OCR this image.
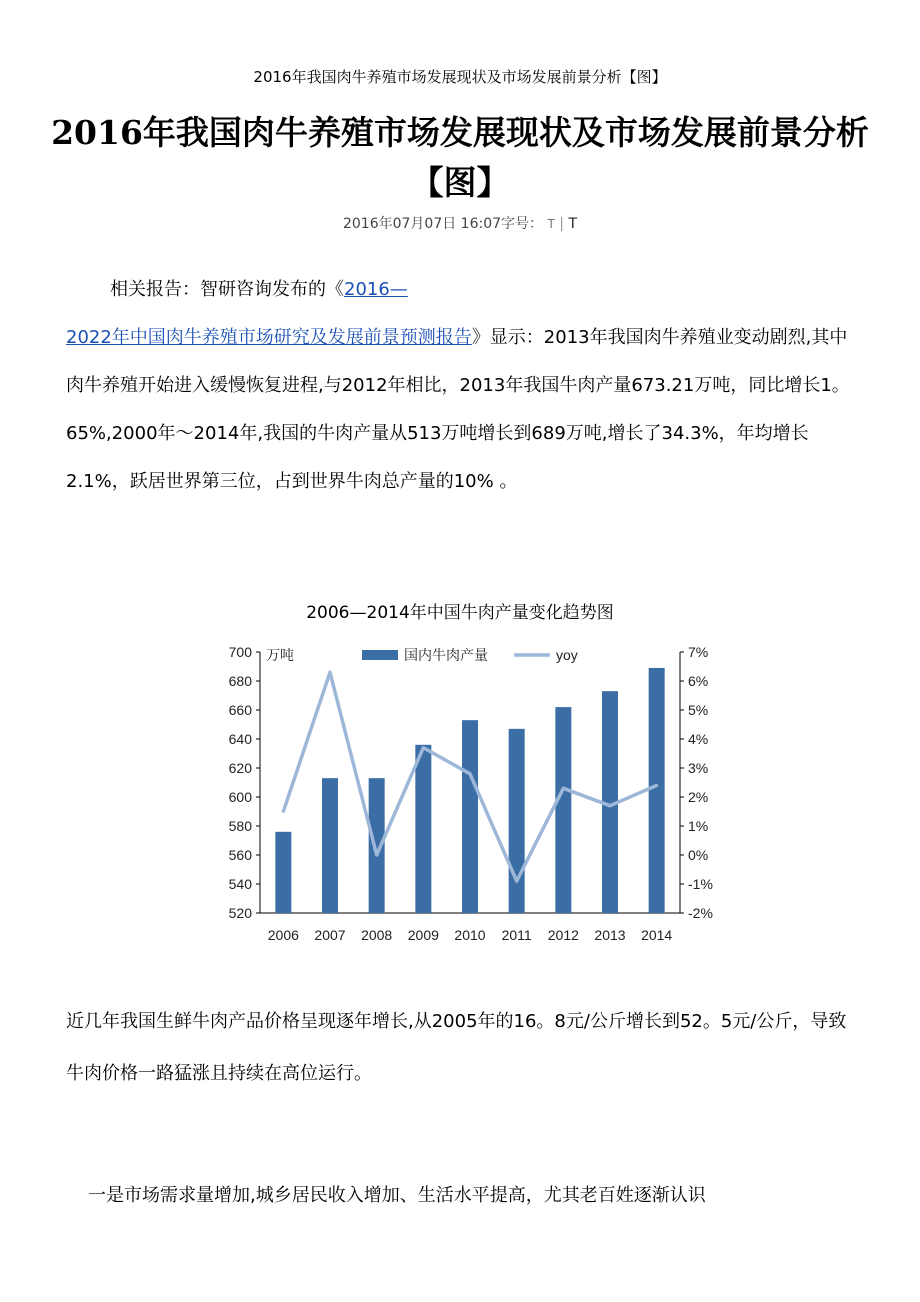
2016年我国肉牛养殖市场发展现状及市场发展前景分析【图】
2016年我国肉牛养殖市场发展现状及市场发展前景分析【图】
2016年07月07日 16:07字号： T | T
相关报告：智研咨询发布的《2016—
2022年中国肉牛养殖市场研究及发展前景预测报告》显示：2013年我国肉牛养殖业变动剧烈,其中肉牛养殖开始进入缓慢恢复进程,与2012年相比，2013年我国牛肉产量673.21万吨，同比增长1。65%,2000年～2014年,我国的牛肉产量从513万吨增长到689万吨,增长了34.3%，年均增长2.1%，跃居世界第三位，占到世界牛肉总产量的10% 。
2006—2014年中国牛肉产量变化趋势图
520
540
560
580
600
620
640
660
680
700
-2%
-1%
0%
1%
2%
3%
4%
5%
6%
7%
万吨
2006 2007 2008 2009 2010 2011 2012 2013 2014
国内牛肉产量	yoy
近几年我国生鲜牛肉产品价格呈现逐年增长,从2005年的16。8元/公斤增长到52。5元/公斤，导致牛肉价格一路猛涨且持续在高位运行。
一是市场需求量增加,城乡居民收入增加、生活水平提高，尤其老百姓逐渐认识
